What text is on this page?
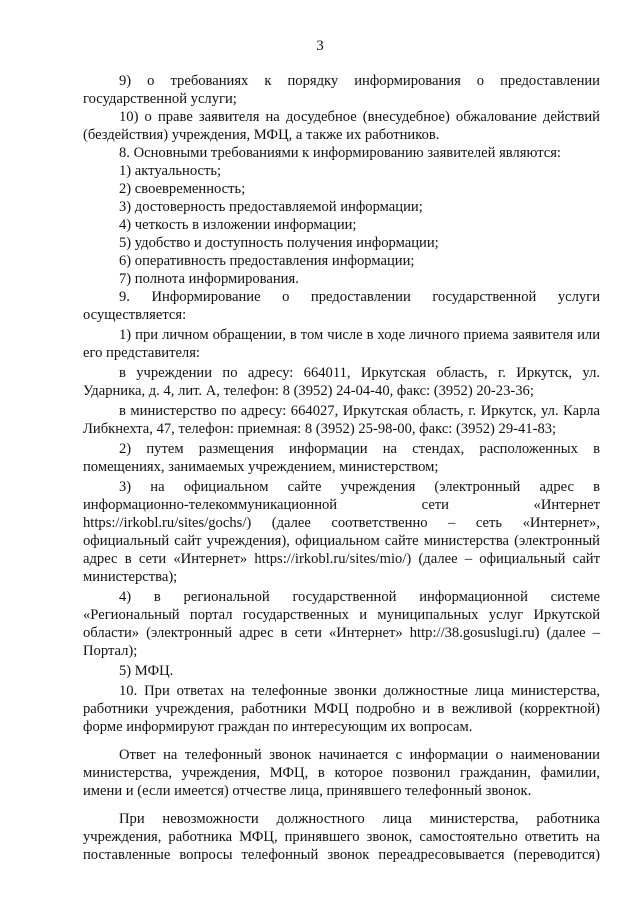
3

9) о требованиях к порядку информирования о предоставлении государственной услуги;

10) о праве заявителя на досудебное (внесудебное) обжалование действий (бездействия) учреждения, МФЦ, а также их работников.

8. Основными требованиями к информированию заявителей являются:

1) актуальность;

2) своевременность;

3) достоверность предоставляемой информации;

4) четкость в изложении информации;

5) удобство и доступность получения информации;

6) оперативность предоставления информации;

7) полнота информирования.

9. Информирование о предоставлении государственной услуги осуществляется:

1) при личном обращении, в том числе в ходе личного приема заявителя или его представителя:

в учреждении по адресу: 664011, Иркутская область, г. Иркутск, ул. Ударника, д. 4, лит. А, телефон: 8 (3952) 24-04-40, факс: (3952) 20-23-36;

в министерство по адресу: 664027, Иркутская область, г. Иркутск, ул. Карла Либкнехта, 47, телефон: приемная: 8 (3952) 25-98-00, факс: (3952) 29-41-83;

2) путем размещения информации на стендах, расположенных в помещениях, занимаемых учреждением, министерством;

3) на официальном сайте учреждения (электронный адрес в информационно-телекоммуникационной сети «Интернет https://irkobl.ru/sites/gochs/) (далее соответственно – сеть «Интернет», официальный сайт учреждения), официальном сайте министерства (электронный адрес в сети «Интернет» https://irkobl.ru/sites/mio/) (далее – официальный сайт министерства);

4) в региональной государственной информационной системе «Региональный портал государственных и муниципальных услуг Иркутской области» (электронный адрес в сети «Интернет» http://38.gosuslugi.ru) (далее – Портал);

5) МФЦ.

10. При ответах на телефонные звонки должностные лица министерства, работники учреждения, работники МФЦ подробно и в вежливой (корректной) форме информируют граждан по интересующим их вопросам.

Ответ на телефонный звонок начинается с информации о наименовании министерства, учреждения, МФЦ, в которое позвонил гражданин, фамилии, имени и (если имеется) отчестве лица, принявшего телефонный звонок.

При невозможности должностного лица министерства, работника учреждения, работника МФЦ, принявшего звонок, самостоятельно ответить на поставленные вопросы телефонный звонок переадресовывается (переводится)
